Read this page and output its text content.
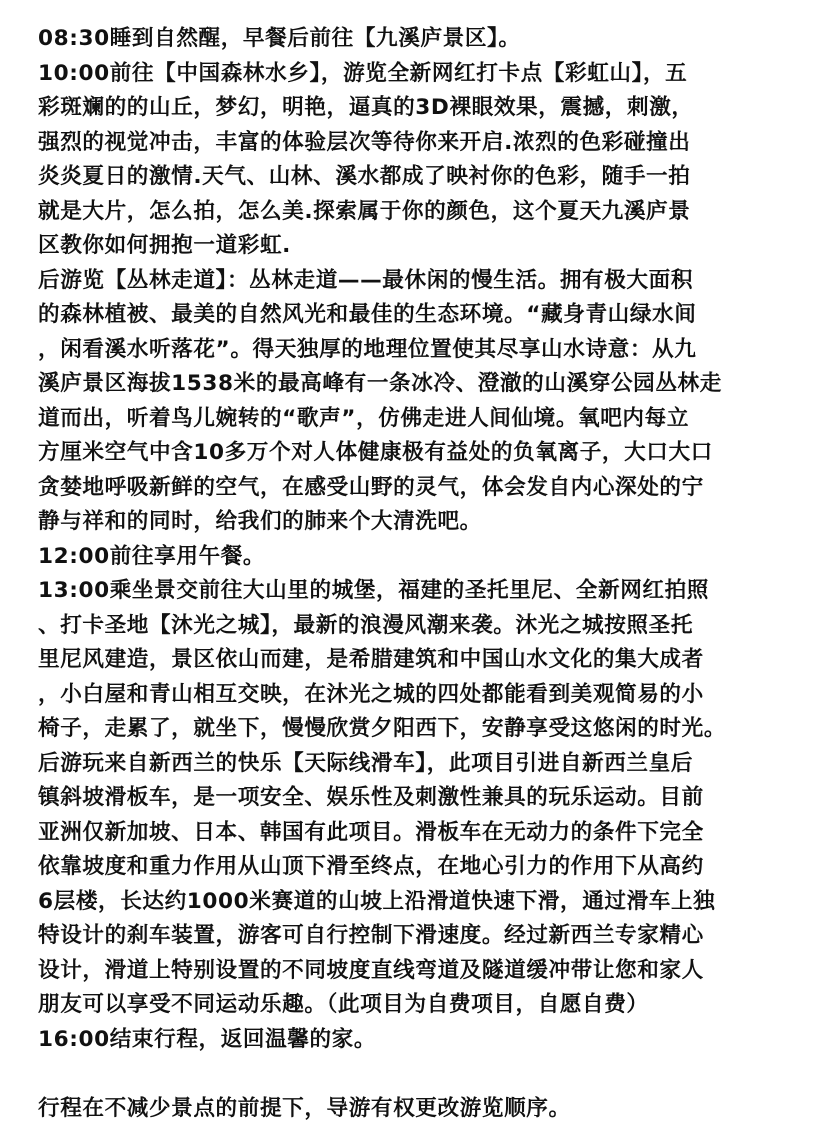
08:30睡到自然醒，早餐后前往【九溪庐景区】。
10:00前往【中国森林水乡】，游览全新网红打卡点【彩虹山】，五
彩斑斓的的山丘，梦幻，明艳，逼真的3D裸眼效果，震撼，刺激，
强烈的视觉冲击，丰富的体验层次等待你来开启.浓烈的色彩碰撞出
炎炎夏日的激情.天气、山林、溪水都成了映衬你的色彩，随手一拍
就是大片，怎么拍，怎么美.探索属于你的颜色，这个夏天九溪庐景
区教你如何拥抱一道彩虹.
后游览【丛林走道】：丛林走道——最休闲的慢生活。拥有极大面积
的森林植被、最美的自然风光和最佳的生态环境。“藏身青山绿水间
，闲看溪水听落花”。得天独厚的地理位置使其尽享山水诗意：从九
溪庐景区海拔1538米的最高峰有一条冰冷、澄澈的山溪穿公园丛林走
道而出，听着鸟儿婉转的“歌声”，仿佛走进人间仙境。氧吧内每立
方厘米空气中含10多万个对人体健康极有益处的负氧离子，大口大口
贪婪地呼吸新鲜的空气，在感受山野的灵气，体会发自内心深处的宁
静与祥和的同时，给我们的肺来个大清洗吧。
12:00前往享用午餐。
13:00乘坐景交前往大山里的城堡，福建的圣托里尼、全新网红拍照
、打卡圣地【沐光之城】，最新的浪漫风潮来袭。沐光之城按照圣托
里尼风建造，景区依山而建，是希腊建筑和中国山水文化的集大成者
，小白屋和青山相互交映，在沐光之城的四处都能看到美观简易的小
椅子，走累了，就坐下，慢慢欣赏夕阳西下，安静享受这悠闲的时光。
后游玩来自新西兰的快乐【天际线滑车】，此项目引进自新西兰皇后
镇斜坡滑板车，是一项安全、娱乐性及刺激性兼具的玩乐运动。目前
亚洲仅新加坡、日本、韩国有此项目。滑板车在无动力的条件下完全
依靠坡度和重力作用从山顶下滑至终点，在地心引力的作用下从高约
6层楼，长达约1000米赛道的山坡上沿滑道快速下滑，通过滑车上独
特设计的刹车装置，游客可自行控制下滑速度。经过新西兰专家精心
设计，滑道上特别设置的不同坡度直线弯道及隧道缓冲带让您和家人
朋友可以享受不同运动乐趣。（此项目为自费项目，自愿自费）
16:00结束行程，返回温馨的家。
行程在不减少景点的前提下，导游有权更改游览顺序。
